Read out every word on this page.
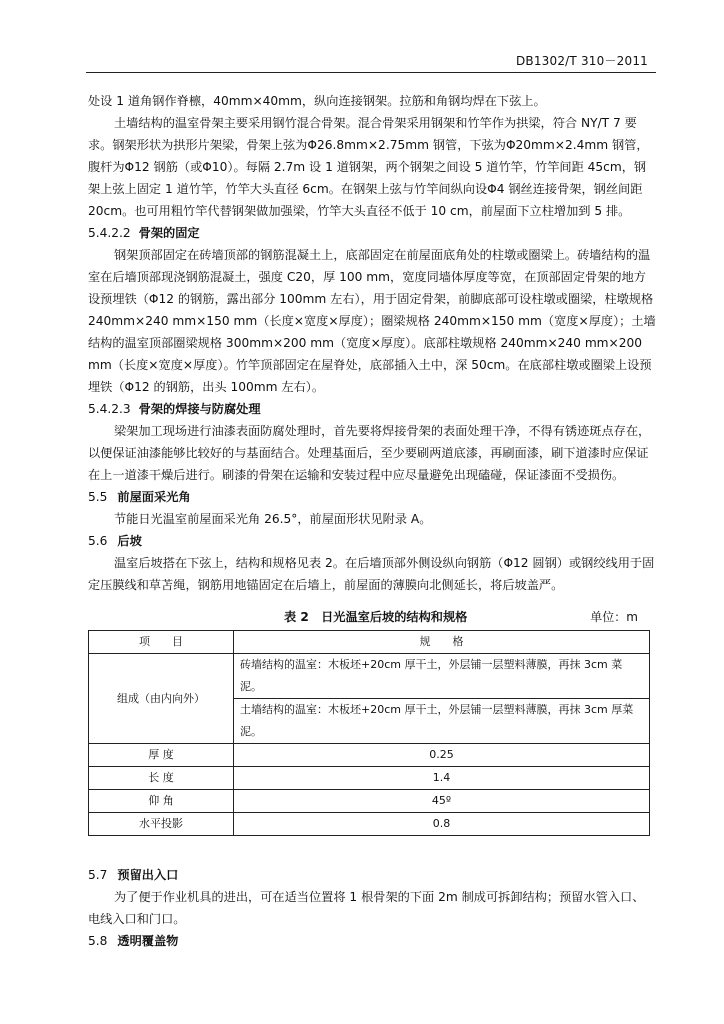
DB1302/T 310－2011

处设 1 道角钢作脊檩，40mm×40mm，纵向连接钢架。拉筋和角钢均焊在下弦上。

土墙结构的温室骨架主要采用钢竹混合骨架。混合骨架采用钢架和竹竿作为拱梁，符合 NY/T 7 要求。钢架形状为拱形片架梁，骨架上弦为Φ26.8mm×2.75mm 钢管，下弦为Φ20mm×2.4mm 钢管，腹杆为Φ12 钢筋（或Φ10）。每隔 2.7m 设 1 道钢架，两个钢架之间设 5 道竹竿，竹竿间距 45cm，钢架上弦上固定 1 道竹竿，竹竿大头直径 6cm。在钢架上弦与竹竿间纵向设Φ4 钢丝连接骨架，钢丝间距 20cm。也可用粗竹竿代替钢架做加强梁，竹竿大头直径不低于 10 cm，前屋面下立柱增加到 5 排。

5.4.2.2 骨架的固定

钢架顶部固定在砖墙顶部的钢筋混凝土上，底部固定在前屋面底角处的柱墩或圈梁上。砖墙结构的温室在后墙顶部现浇钢筋混凝土，强度 C20，厚 100 mm，宽度同墙体厚度等宽，在顶部固定骨架的地方设预埋铁（Φ12 的钢筋，露出部分 100mm 左右），用于固定骨架，前脚底部可设柱墩或圈梁，柱墩规格 240mm×240 mm×150 mm（长度×宽度×厚度）；圈梁规格 240mm×150 mm（宽度×厚度）；土墙结构的温室顶部圈梁规格 300mm×200 mm（宽度×厚度）。底部柱墩规格 240mm×240 mm×200 mm（长度×宽度×厚度）。竹竿顶部固定在屋脊处，底部插入土中，深 50cm。在底部柱墩或圈梁上设预埋铁（Φ12 的钢筋，出头 100mm 左右）。

5.4.2.3 骨架的焊接与防腐处理

梁架加工现场进行油漆表面防腐处理时，首先要将焊接骨架的表面处理干净，不得有锈迹斑点存在，以便保证油漆能够比较好的与基面结合。处理基面后，至少要刷两道底漆，再刷面漆，刷下道漆时应保证在上一道漆干燥后进行。刷漆的骨架在运输和安装过程中应尽量避免出现磕碰，保证漆面不受损伤。

5.5 前屋面采光角

节能日光温室前屋面采光角 26.5°，前屋面形状见附录 A。

5.6 后坡

温室后坡搭在下弦上，结构和规格见表 2。在后墙顶部外侧设纵向钢筋（Φ12 圆钢）或钢绞线用于固定压膜线和草苫绳，钢筋用地锚固定在后墙上，前屋面的薄膜向北侧延长，将后坡盖严。

表 2　日光温室后坡的结构和规格	单位：m
项　　目	规　　格
组成（由内向外）	砖墙结构的温室：木板坯+20cm 厚干土，外层铺一层塑料薄膜，再抹 3cm 菜泥。
	土墙结构的温室：木板坯+20cm 厚干土，外层铺一层塑料薄膜，再抹 3cm 厚菜泥。
厚 度	0.25
长 度	1.4
仰 角	45º
水平投影	0.8

5.7 预留出入口

为了便于作业机具的进出，可在适当位置将 1 根骨架的下面 2m 制成可拆卸结构；预留水管入口、电线入口和门口。

5.8 透明覆盖物
